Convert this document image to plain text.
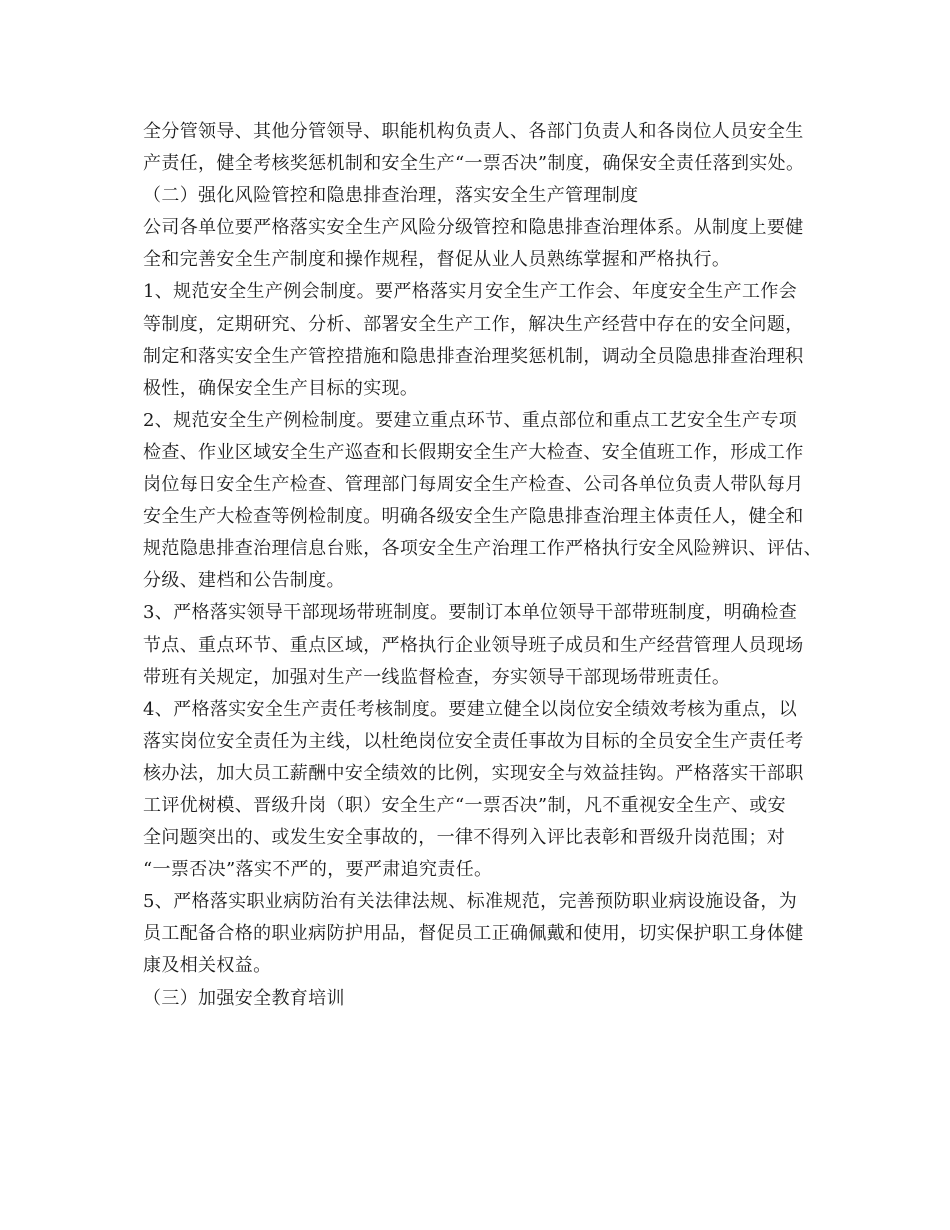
全分管领导、其他分管领导、职能机构负责人、各部门负责人和各岗位人员安全生
产责任，健全考核奖惩机制和安全生产“一票否决”制度，确保安全责任落到实处。
（二）强化风险管控和隐患排查治理，落实安全生产管理制度
公司各单位要严格落实安全生产风险分级管控和隐患排查治理体系。从制度上要健
全和完善安全生产制度和操作规程，督促从业人员熟练掌握和严格执行。
1、规范安全生产例会制度。要严格落实月安全生产工作会、年度安全生产工作会
等制度，定期研究、分析、部署安全生产工作，解决生产经营中存在的安全问题，
制定和落实安全生产管控措施和隐患排查治理奖惩机制，调动全员隐患排查治理积
极性，确保安全生产目标的实现。
2、规范安全生产例检制度。要建立重点环节、重点部位和重点工艺安全生产专项
检查、作业区域安全生产巡查和长假期安全生产大检查、安全值班工作，形成工作
岗位每日安全生产检查、管理部门每周安全生产检查、公司各单位负责人带队每月
安全生产大检查等例检制度。明确各级安全生产隐患排查治理主体责任人，健全和
规范隐患排查治理信息台账，各项安全生产治理工作严格执行安全风险辨识、评估、
分级、建档和公告制度。
3、严格落实领导干部现场带班制度。要制订本单位领导干部带班制度，明确检查
节点、重点环节、重点区域，严格执行企业领导班子成员和生产经营管理人员现场
带班有关规定，加强对生产一线监督检查，夯实领导干部现场带班责任。
4、严格落实安全生产责任考核制度。要建立健全以岗位安全绩效考核为重点，以
落实岗位安全责任为主线，以杜绝岗位安全责任事故为目标的全员安全生产责任考
核办法，加大员工薪酬中安全绩效的比例，实现安全与效益挂钩。严格落实干部职
工评优树模、晋级升岗（职）安全生产“一票否决”制，凡不重视安全生产、或安
全问题突出的、或发生安全事故的，一律不得列入评比表彰和晋级升岗范围；对
“一票否决”落实不严的，要严肃追究责任。
5、严格落实职业病防治有关法律法规、标准规范，完善预防职业病设施设备，为
员工配备合格的职业病防护用品，督促员工正确佩戴和使用，切实保护职工身体健
康及相关权益。
（三）加强安全教育培训
